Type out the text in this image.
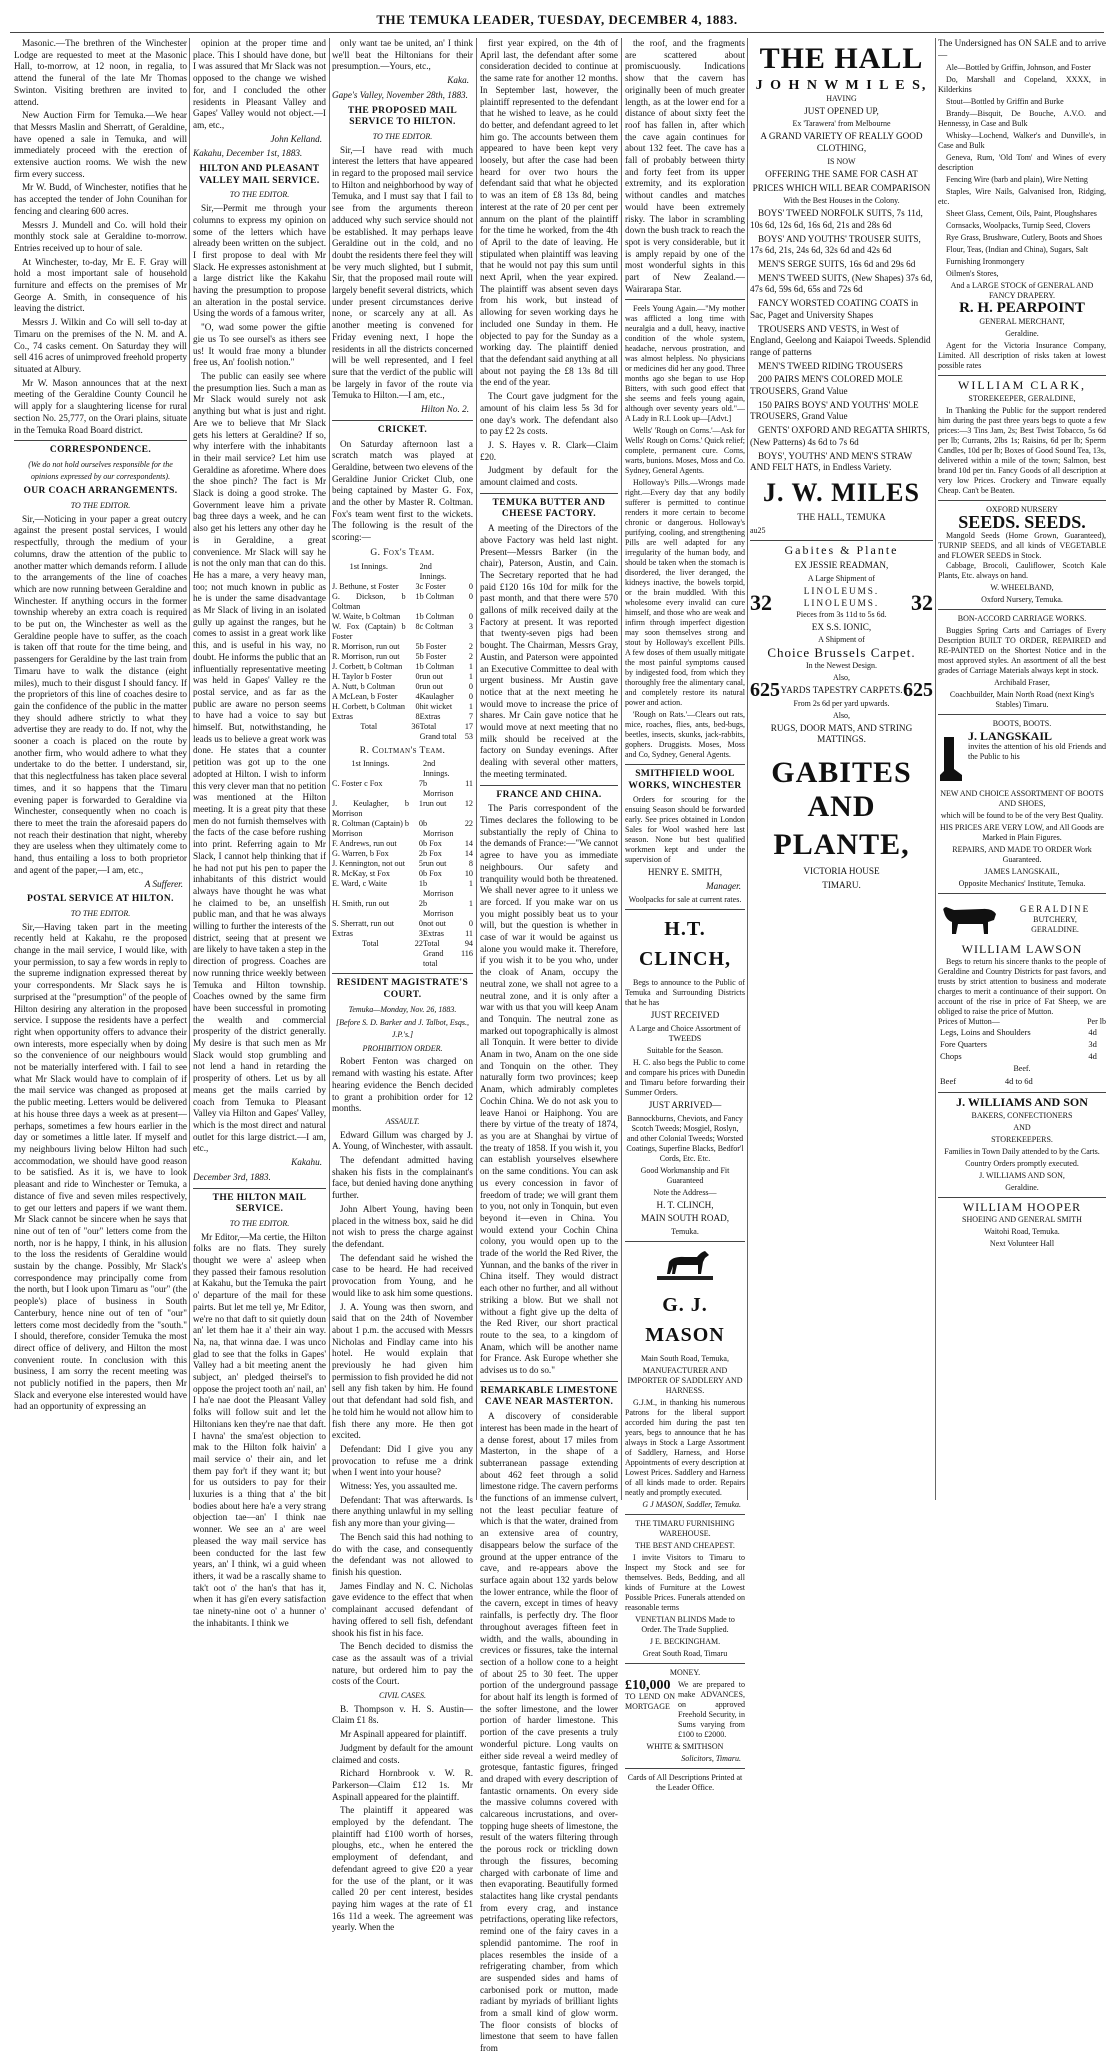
THE TEMUKA LEADER, TUESDAY, DECEMBER 4, 1883.

Masonic.—The brethren of the Winchester Lodge are requested to meet at the Masonic Hall, to-morrow, at 12 noon, in regalia, to attend the funeral of the late Mr Thomas Swinton. Visiting brethren are invited to attend.

New Auction Firm for Temuka.—We hear that Messrs Maslin and Sherratt, of Geraldine, have opened a sale in Temuka, and will immediately proceed with the erection of extensive auction rooms. We wish the new firm every success.

Mr W. Budd, of Winchester, notifies that he has accepted the tender of John Counihan for fencing and clearing 600 acres.

Messrs J. Mundell and Co. will hold their monthly stock sale at Geraldine to-morrow. Entries received up to hour of sale.

At Winchester, to-day, Mr E. F. Gray will hold a most important sale of household furniture and effects on the premises of Mr George A. Smith, in consequence of his leaving the district.

Messrs J. Wilkin and Co will sell to-day at Timaru on the premises of the N. M. and A. Co., 74 casks cement. On Saturday they will sell 416 acres of unimproved freehold property situated at Albury.

Mr W. Mason announces that at the next meeting of the Geraldine County Council he will apply for a slaughtering license for rural section No. 25,777, on the Orari plains, situate in the Temuka Road Board district.

CORRESPONDENCE.
(We do not hold ourselves responsible for the opinions expressed by our correspondents).
OUR COACH ARRANGEMENTS.
TO THE EDITOR.

Sir,—Noticing in your paper a great outcry against the present postal services, I would respectfully, through the medium of your columns, draw the attention of the public to another matter which demands reform. I allude to the arrangements of the line of coaches which are now running between Geraldine and Winchester. If anything occurs in the former township whereby an extra coach is required to be put on, the Winchester as well as the Geraldine people have to suffer, as the coach is taken off that route for the time being, and passengers for Geraldine by the last train from Timaru have to walk the distance (eight miles), much to their disgust I should fancy. If the proprietors of this line of coaches desire to gain the confidence of the public in the matter they should adhere strictly to what they advertise they are ready to do. If not, why the sooner a coach is placed on the route by another firm, who would adhere to what they undertake to do the better. I understand, sir, that this neglectfulness has taken place several times, and it so happens that the Timaru evening paper is forwarded to Geraldine via Winchester, consequently when no coach is there to meet the train the aforesaid papers do not reach their destination that night, whereby they are useless when they ultimately come to hand, thus entailing a loss to both proprietor and agent of the paper,—I am, etc.,

A Sufferer.
POSTAL SERVICE AT HILTON.
TO THE EDITOR.

Sir,—Having taken part in the meeting recently held at Kakahu, re the proposed change in the mail service, I would like, with your permission, to say a few words in reply to the supreme indignation expressed thereat by your correspondents. Mr Slack says he is surprised at the "presumption" of the people of Hilton desiring any alteration in the proposed service. I suppose the residents have a perfect right when opportunity offers to advance their own interests, more especially when by doing so the convenience of our neighbours would not be materially interfered with. I fail to see what Mr Slack would have to complain of if the mail service was changed as proposed at the public meeting. Letters would be delivered at his house three days a week as at present—perhaps, sometimes a few hours earlier in the day or sometimes a little later. If myself and my neighbours living below Hilton had such accommodation, we should have good reason to be satisfied. As it is, we have to look pleasant and ride to Winchester or Temuka, a distance of five and seven miles respectively, to get our letters and papers if we want them. Mr Slack cannot be sincere when he says that nine out of ten of "our" letters come from the north, nor is he happy, I think, in his allusion to the loss the residents of Geraldine would sustain by the change. Possibly, Mr Slack's correspondence may principally come from the north, but I look upon Timaru as "our" (the people's) place of business in South Canterbury, hence nine out of ten of "our" letters come most decidedly from the "south." I should, therefore, consider Temuka the most direct office of delivery, and Hilton the most convenient route. In conclusion with this business, I am sorry the recent meeting was not publicly notified in the papers, then Mr Slack and everyone else interested would have had an opportunity of expressing an

opinion at the proper time and place. This I should have done, but I was assured that Mr Slack was not opposed to the change we wished for, and I concluded the other residents in Pleasant Valley and Gapes' Valley would not object.—I am, etc.,

John Kelland.
Kakahu, December 1st, 1883.
HILTON AND PLEASANT VALLEY MAIL SERVICE.
TO THE EDITOR.

Sir,—Permit me through your columns to express my opinion on some of the letters which have already been written on the subject. I first propose to deal with Mr Slack. He expresses astonishment at a large district like the Kakahu having the presumption to propose an alteration in the postal service. Using the words of a famous writer,

"O, wad some power the giftie gie us To see oursel's as ithers see us! It would frae mony a blunder free us, An' foolish notion."

The public can easily see where the presumption lies. Such a man as Mr Slack would surely not ask anything but what is just and right. Are we to believe that Mr Slack gets his letters at Geraldine? If so, why interfere with the inhabitants in their mail service? Let him use Geraldine as aforetime. Where does the shoe pinch? The fact is Mr Slack is doing a good stroke. The Government leave him a private bag three days a week, and he can also get his letters any other day he is in Geraldine, a great convenience. Mr Slack will say he is not the only man that can do this. He has a mare, a very heavy man, too; not much known in public as he is under the same disadvantage as Mr Slack of living in an isolated gully up against the ranges, but he comes to assist in a great work like this, and is useful in his way, no doubt. He informs the public that an influentially representative meeting was held in Gapes' Valley re the postal service, and as far as the public are aware no person seems to have had a voice to say but himself. But, notwithstanding, he leads us to believe a great work was done. He states that a counter petition was got up to the one adopted at Hilton. I wish to inform this very clever man that no petition was mentioned at the Hilton meeting. It is a great pity that these men do not furnish themselves with the facts of the case before rushing into print. Referring again to Mr Slack, I cannot help thinking that if he had not put his pen to paper the inhabitants of this district would always have thought he was what he claimed to be, an unselfish public man, and that he was always willing to further the interests of the district, seeing that at present we are likely to have taken a step in the direction of progress. Coaches are now running thrice weekly between Temuka and Hilton township. Coaches owned by the same firm have been successful in promoting the wealth and commercial prosperity of the district generally. My desire is that such men as Mr Slack would stop grumbling and not lend a hand in retarding the prosperity of others. Let us by all means get the mails carried by coach from Temuka to Pleasant Valley via Hilton and Gapes' Valley, which is the most direct and natural outlet for this large district.—I am, etc.,

Kakahu.
December 3rd, 1883.
THE HILTON MAIL SERVICE.
TO THE EDITOR.

Mr Editor,—Ma certie, the Hilton folks are no flats. They surely thought we were a' asleep when they passed their famous resolution at Kakahu, but the Temuka the pairt o' departure of the mail for these pairts. But let me tell ye, Mr Editor, we're no that daft to sit quietly doun an' let them hae it a' their ain way. Na, na, that winna dae. I was unco glad to see that the folks in Gapes' Valley had a bit meeting anent the subject, an' pledged theirsel's to oppose the project tooth an' nail, an' I ha'e nae doot the Pleasant Valley folks will follow suit and let the Hiltonians ken they're nae that daft. I havna' the sma'est objection to mak to the Hilton folk haivin' a mail service o' their ain, and let them pay for't if they want it; but for us outsiders to pay for their luxuries is a thing that a' the bit bodies about here ha'e a very strang objection tae—an' I think nae wonner. We see an a' are weel pleased the way mail service has been conducted for the last few years, an' I think, wi a guid wheen ithers, it wad be a rascally shame to tak't oot o' the han's that has it, when it has gi'en every satisfaction tae ninety-nine oot o' a hunner o' the inhabitants. I think we

only want tae be united, an' I think we'll beat the Hiltonians for their presumption.—Yours, etc.,

Kaka.
Gape's Valley, November 28th, 1883.
THE PROPOSED MAIL SERVICE TO HILTON.
TO THE EDITOR.

Sir,—I have read with much interest the letters that have appeared in regard to the proposed mail service to Hilton and neighborhood by way of Temuka, and I must say that I fail to see from the arguments thereon adduced why such service should not be established. It may perhaps leave Geraldine out in the cold, and no doubt the residents there feel they will be very much slighted, but I submit, Sir, that the proposed mail route will largely benefit several districts, which under present circumstances derive none, or scarcely any at all. As another meeting is convened for Friday evening next, I hope the residents in all the districts concerned will be well represented, and I feel sure that the verdict of the public will be largely in favor of the route via Temuka to Hilton.—I am, etc.,

Hilton No. 2.
CRICKET.

On Saturday afternoon last a scratch match was played at Geraldine, between two elevens of the Geraldine Junior Cricket Club, one being captained by Master G. Fox, and the other by Master R. Coltman. Fox's team went first to the wickets. The following is the result of the scoring:—

G. Fox's Team.
1st Innings.		2nd Innings.	
J. Bethune, st Foster	3	c Foster	0
G. Dickson, b Coltman	1	b Coltman	0
W. Waite, b Coltman	1	b Coltman	0
W. Fox (Captain) b Foster	8	c Coltman	3
R. Morrison, run out	5	b Foster	2
R. Morrison, run out	5	b Foster	2
J. Corbett, b Coltman	1	b Coltman	1
H. Taylor b Foster	0	run out	1
A. Nutt, b Coltman	0	run out	0
A McLean, b Foster	4	Kaulagher	0
H. Corbett, b Coltman	0	hit wicket	1
Extras	8	Extras	7
Total	36	Total	17
		Grand total	53
R. Coltman's Team.
1st Innings.		2nd Innings.	
C. Foster c Fox	7	b Morrison	11
J. Keulagher, b Morrison	1	run out	12
R. Coltman (Captain) b Morrison	0	b Morrison	22
F. Andrews, run out	0	b Fox	14
G. Warren, b Fox	2	b Fox	14
J. Kennington, not out	5	run out	8
R. McKay, st Fox	0	b Fox	10
E. Ward, c Waite	1	b Morrison	1
H. Smith, run out	2	b Morrison	1
S. Sherratt, run out	0	not out	0
Extras	3	Extras	11
Total	22	Total	94
		Grand total	116
RESIDENT MAGISTRATE'S COURT.
Temuka—Monday, Nov. 26, 1883.
[Before S. D. Barker and J. Talbot, Esqs., J.P.'s.]
PROHIBITION ORDER.

Robert Fenton was charged on remand with wasting his estate. After hearing evidence the Bench decided to grant a prohibition order for 12 months.

ASSAULT.

Edward Gillum was charged by J. A. Young, of Winchester, with assault.

The defendant admitted having shaken his fists in the complainant's face, but denied having done anything further.

John Albert Young, having been placed in the witness box, said he did not wish to press the charge against the defendant.

The defendant said he wished the case to be heard. He had received provocation from Young, and he would like to ask him some questions.

J. A. Young was then sworn, and said that on the 24th of November about 1 p.m. the accused with Messrs Nicholas and Findlay came into his hotel. He would explain that previously he had given him permission to fish provided he did not sell any fish taken by him. He found out that defendant had sold fish, and he told him he would not allow him to fish there any more. He then got excited.

Defendant: Did I give you any provocation to refuse me a drink when I went into your house?

Witness: Yes, you assaulted me.

Defendant: That was afterwards. Is there anything unlawful in my selling fish any more than your giving—

The Bench said this had nothing to do with the case, and consequently the defendant was not allowed to finish his question.

James Findlay and N. C. Nicholas gave evidence to the effect that when complainant accused defendant of having offered to sell fish, defendant shook his fist in his face.

The Bench decided to dismiss the case as the assault was of a trivial nature, but ordered him to pay the costs of the Court.

CIVIL CASES.

B. Thompson v. H. S. Austin—Claim £1 8s.

Mr Aspinall appeared for plaintiff.

Judgment by default for the amount claimed and costs.

Richard Hornbrook v. W. R. Parkerson—Claim £12 1s. Mr Aspinall appeared for the plaintiff.

The plaintiff it appeared was employed by the defendant. The plaintiff had £100 worth of horses, ploughs, etc., when he entered the employment of defendant, and defendant agreed to give £20 a year for the use of the plant, or it was called 20 per cent interest, besides paying him wages at the rate of £1 16s 11d a week. The agreement was yearly. When the

first year expired, on the 4th of April last, the defendant after some consideration decided to continue at the same rate for another 12 months. In September last, however, the plaintiff represented to the defendant that he wished to leave, as he could do better, and defendant agreed to let him go. The accounts between them appeared to have been kept very loosely, but after the case had been heard for over two hours the defendant said that what he objected to was an item of £8 13s 8d, being interest at the rate of 20 per cent per annum on the plant of the plaintiff for the time he worked, from the 4th of April to the date of leaving. He stipulated when plaintiff was leaving that he would not pay this sum until next April, when the year expired. The plaintiff was absent seven days from his work, but instead of allowing for seven working days he included one Sunday in them. He objected to pay for the Sunday as a working day. The plaintiff denied that the defendant said anything at all about not paying the £8 13s 8d till the end of the year.

The Court gave judgment for the amount of his claim less 5s 3d for one day's work. The defendant also to pay £2 2s costs.

J. S. Hayes v. R. Clark—Claim £20.

Judgment by default for the amount claimed and costs.

TEMUKA BUTTER AND CHEESE FACTORY.

A meeting of the Directors of the above Factory was held last night. Present—Messrs Barker (in the chair), Paterson, Austin, and Cain. The Secretary reported that he had paid £120 16s 10d for milk for the past month, and that there were 570 gallons of milk received daily at the Factory at present. It was reported that twenty-seven pigs had been bought. The Chairman, Messrs Gray, Austin, and Paterson were appointed an Executive Committee to deal with urgent business. Mr Austin gave notice that at the next meeting he would move to increase the price of shares. Mr Cain gave notice that he would move at next meeting that no milk should be received at the factory on Sunday evenings. After dealing with several other matters, the meeting terminated.

FRANCE AND CHINA.

The Paris correspondent of the Times declares the following to be substantially the reply of China to the demands of France:—"We cannot agree to have you as immediate neighbours. Our safety and tranquility would both be threatened. We shall never agree to it unless we are forced. If you make war on us you might possibly beat us to your will, but the question is whether in case of war it would be against us alone you would make it. Therefore, if you wish it to be you who, under the cloak of Anam, occupy the neutral zone, we shall not agree to a neutral zone, and it is only after a war with us that you will keep Anam and Tonquin. The neutral zone as marked out topographically is almost all Tonquin. It were better to divide Anam in two, Anam on the one side and Tonquin on the other. They naturally form two provinces; keep Anam, which admirably completes Cochin China. We do not ask you to leave Hanoi or Haiphong. You are there by virtue of the treaty of 1874, as you are at Shanghai by virtue of the treaty of 1858. If you wish it, you can establish yourselves elsewhere on the same conditions. You can ask us every concession in favor of freedom of trade; we will grant them to you, not only in Tonquin, but even beyond it—even in China. You would extend your Cochin China colony, you would open up to the trade of the world the Red River, the Yunnan, and the banks of the river in China itself. They would distract each other no further, and all without striking a blow. But we shall not without a fight give up the delta of the Red River, our short practical route to the sea, to a kingdom of Anam, which will be another name for France. Ask Europe whether she advises us to do so."

REMARKABLE LIMESTONE CAVE NEAR MASTERTON.

A discovery of considerable interest has been made in the heart of a dense forest, about 17 miles from Masterton, in the shape of a subterranean passage extending about 462 feet through a solid limestone ridge. The cavern performs the functions of an immense culvert, not the least peculiar feature of which is that the water, drained from an extensive area of country, disappears below the surface of the ground at the upper entrance of the cave, and re-appears above the surface again about 132 yards below the lower entrance, while the floor of the cavern, except in times of heavy rainfalls, is perfectly dry. The floor throughout averages fifteen feet in width, and the walls, abounding in crevices or fissures, take the internal section of a hollow cone to a height of about 25 to 30 feet. The upper portion of the underground passage for about half its length is formed of the softer limestone, and the lower portion of harder limestone. This portion of the cave presents a truly wonderful picture. Long vaults on either side reveal a weird medley of grotesque, fantastic figures, fringed and draped with every description of fantastic ornaments. On every side the massive columns covered with calcareous incrustations, and over-topping huge sheets of limestone, the result of the waters filtering through the porous rock or trickling down through the fissures, becoming charged with carbonate of lime and then evaporating. Beautifully formed stalactites hang like crystal pendants from every crag, and instance petrifactions, operating like refectors, remind one of the fairy caves in a splendid pantomime. The roof in places resembles the inside of a refrigerating chamber, from which are suspended sides and hams of carbonised pork or mutton, made radiant by myriads of brilliant lights from a small kind of glow worm. The floor consists of blocks of limestone that seem to have fallen from

the roof, and the fragments are scattered about promiscuously. Indications show that the cavern has originally been of much greater length, as at the lower end for a distance of about sixty feet the roof has fallen in, after which the cave again continues for about 132 feet. The cave has a fall of probably between thirty and forty feet from its upper extremity, and its exploration without candles and matches would have been extremely risky. The labor in scrambling down the bush track to reach the spot is very considerable, but it is amply repaid by one of the most wonderful sights in this part of New Zealand.—Wairarapa Star.

Feels Young Again.—"My mother was afflicted a long time with neuralgia and a dull, heavy, inactive condition of the whole system, headache, nervous prostration, and was almost helpless. No physicians or medicines did her any good. Three months ago she began to use Hop Bitters, with such good effect that she seems and feels young again, although over seventy years old."—A Lady in R.I. Look up—[Advt.]

Wells' 'Rough on Corns.'—Ask for Wells' Rough on Corns.' Quick relief; complete, permanent cure. Corns, warts, bunions. Moses, Moss and Co. Sydney, General Agents.

Holloway's Pills.—Wrongs made right.—Every day that any bodily sufferer is permitted to continue renders it more certain to become chronic or dangerous. Holloway's purifying, cooling, and strengthening Pills are well adapted for any irregularity of the human body, and should be taken when the stomach is disordered, the liver deranged, the kidneys inactive, the bowels torpid, or the brain muddled. With this wholesome every invalid can cure himself, and those who are weak and infirm through imperfect digestion may soon themselves strong and stout by Holloway's excellent Pills. A few doses of them usually mitigate the most painful symptoms caused by indigested food, from which they thoroughly free the alimentary canal, and completely restore its natural power and action.

'Rough on Rats.'—Clears out rats, mice, roaches, flies, ants, bed-bugs, beetles, insects, skunks, jack-rabbits, gophers. Druggists. Moses, Moss and Co, Sydney, General Agents.

SMITHFIELD WOOL WORKS, WINCHESTER

Orders for scouring for the ensuing Season should be forwarded early. See prices obtained in London Sales for Wool washed here last season. None but best qualified workmen kept and under the supervision of

HENRY E. SMITH,
Manager.
Woolpacks for sale at current rates.
H.T. CLINCH,

Begs to announce to the Public of Temuka and Surrounding Districts that he has

JUST RECEIVED
A Large and Choice Assortment of TWEEDS
Suitable for the Season.

H. C. also begs the Public to come and compare his prices with Dunedin and Timaru before forwarding their Summer Orders.

JUST ARRIVED—
Bannockburns, Cheviots, and Fancy Scotch Tweeds; Mosgiel, Roslyn, and other Colonial Tweeds; Worsted Coatings, Superfine Blacks, Bedfor'l Cords, Etc. Etc.
Good Workmanship and Fit Guaranteed
Note the Address—
H. T. CLINCH,
MAIN SOUTH ROAD,
Temuka.
G. J. MASON
Main South Road, Temuka,
MANUFACTURER AND IMPORTER OF SADDLERY AND HARNESS.

G.J.M., in thanking his numerous Patrons for the liberal support accorded him during the past ten years, begs to announce that he has always in Stock a Large Assortment of Saddlery, Harness, and Horse Appointments of every description at Lowest Prices. Saddlery and Harness of all kinds made to order. Repairs neatly and promptly executed.

G J MASON, Saddler, Temuka.
THE TIMARU FURNISHING WAREHOUSE.
THE BEST AND CHEAPEST.

I invite Visitors to Timaru to Inspect my Stock and see for themselves. Beds, Bedding, and all kinds of Furniture at the Lowest Possible Prices. Funerals attended on reasonable terms

VENETIAN BLINDS Made to Order. The Trade Supplied.
J E. BECKINGHAM.
Great South Road, Timaru
MONEY.
£10,000
TO LEND ON MORTGAGE
We are prepared to make ADVANCES, on approved Freehold Security, in Sums varying from £100 to £2000.
WHITE & SMITHSON
Solicitors, Timaru.
Cards of All Descriptions Printed at the Leader Office.
THE HALL
J O H N W M I L E S,
HAVING
JUST OPENED UP,
Ex 'Tarawera' from Melbourne
A GRAND VARIETY OF REALLY GOOD CLOTHING,
IS NOW
OFFERING THE SAME FOR CASH AT
PRICES WHICH WILL BEAR COMPARISON
With the Best Houses in the Colony.

BOYS' TWEED NORFOLK SUITS, 7s 11d, 10s 6d, 12s 6d, 16s 6d, 21s and 28s 6d

BOYS' AND YOUTHS' TROUSER SUITS, 17s 6d, 21s, 24s 6d, 32s 6d and 42s 6d

MEN'S SERGE SUITS, 16s 6d and 29s 6d

MEN'S TWEED SUITS, (New Shapes) 37s 6d, 47s 6d, 59s 6d, 65s and 72s 6d

FANCY WORSTED COATING COATS in Sac, Paget and University Shapes

TROUSERS AND VESTS, in West of England, Geelong and Kaiapoi Tweeds. Splendid range of patterns

MEN'S TWEED RIDING TROUSERS

200 PAIRS MEN'S COLORED MOLE TROUSERS, Grand Value

150 PAIRS BOYS' AND YOUTHS' MOLE TROUSERS, Grand Value

GENTS' OXFORD AND REGATTA SHIRTS, (New Patterns) 4s 6d to 7s 6d

BOYS', YOUTHS' AND MEN'S STRAW AND FELT HATS, in Endless Variety.

J. W. MILES
THE HALL, TEMUKA
au25
Gabites & Plante
EX JESSIE READMAN,
A Large Shipment of
32	LINOLEUMS. LINOLEUMS.
Pieces from 3s 11d to 5s 6d.	32
EX S.S. IONIC,
A Shipment of
Choice Brussels Carpet.
In the Newest Design.
Also,
625 YARDS TAPESTRY CARPETS. 625
From 2s 6d per yard upwards.
Also,
RUGS, DOOR MATS, AND STRING MATTINGS.
GABITES AND
PLANTE,
VICTORIA HOUSE
TIMARU.

The Undersigned has ON SALE and to arrive—

Ale—Bottled by Griffin, Johnson, and Foster

Do, Marshall and Copeland, XXXX, in Kilderkins

Stout—Bottled by Griffin and Burke

Brandy—Bisquit, De Bouche, A.V.O. and Hennessy, in Case and Bulk

Whisky—Lochend, Walker's and Dunville's, in Case and Bulk

Geneva, Rum, 'Old Tom' and Wines of every description

Fencing Wire (barb and plain), Wire Netting

Staples, Wire Nails, Galvanised Iron, Ridging, etc.

Sheet Glass, Cement, Oils, Paint, Ploughshares

Cornsacks, Woolpacks, Turnip Seed, Clovers

Rye Grass, Brushware, Cutlery, Boots and Shoes

Flour, Teas, (Indian and China), Sugars, Salt

Furnishing Ironmongery

Oilmen's Stores,

And a LARGE STOCK of GENERAL AND FANCY DRAPERY.
R. H. PEARPOINT
GENERAL MERCHANT,
Geraldine.

Agent for the Victoria Insurance Company, Limited. All description of risks taken at lowest possible rates

WILLIAM CLARK,
STOREKEEPER, GERALDINE,

In Thanking the Public for the support rendered him during the past three years begs to quote a few prices:—3 Tins Jam, 2s; Best Twist Tobacco, 5s 6d per lb; Currants, 2lbs 1s; Raisins, 6d per lb; Sperm Candles, 10d per lb; Boxes of Good Sound Tea, 13s, delivered within a mile of the town; Salmon, best brand 10d per tin. Fancy Goods of all description at very low Prices. Crockery and Tinware equally Cheap. Can't be Beaten.

OXFORD NURSERY
SEEDS. SEEDS.

Mangold Seeds (Home Grown, Guaranteed), TURNIP SEEDS, and all kinds of VEGETABLE and FLOWER SEEDS in Stock.

Cabbage, Brocoli, Cauliflower, Scotch Kale Plants, Etc. always on hand.

W. WHEELBAND,
Oxford Nursery, Temuka.
BON-ACCORD CARRIAGE WORKS.

Buggies Spring Carts and Carriages of Every Description BUILT TO ORDER, REPAIRED and RE-PAINTED on the Shortest Notice and in the most approved styles. An assortment of all the best grades of Carriage Materials always kept in stock.

Archibald Fraser,
Coachbuilder, Main North Road (next King's Stables) Timaru.
BOOTS, BOOTS.
J. LANGSKAIL
invites the attention of his old Friends and the Public to his
NEW AND CHOICE ASSORTMENT OF BOOTS AND SHOES,
which will be found to be of the very Best Quality.
HIS PRICES ARE VERY LOW, and All Goods are Marked in Plain Figures.
REPAIRS, AND MADE TO ORDER Work Guaranteed.
JAMES LANGSKAIL,
Opposite Mechanics' Institute, Temuka.
GERALDINE
BUTCHERY,
GERALDINE.
WILLIAM LAWSON

Begs to return his sincere thanks to the people of Geraldine and Country Districts for past favors, and trusts by strict attention to business and moderate charges to merit a continuance of their support. On account of the rise in price of Fat Sheep, we are obliged to raise the price of Mutton.

Prices of Mutton—	Per lb
Legs, Loins and Shoulders	4d
Fore Quarters	3d
Chops	4d
Beef.
Beef	4d to 6d
J. WILLIAMS AND SON
BAKERS, CONFECTIONERS
AND
STOREKEEPERS.
Families in Town Daily attended to by the Carts.
Country Orders promptly executed.
J. WILLIAMS AND SON,
Geraldine.
WILLIAM HOOPER
SHOEING AND GENERAL SMITH
Waitohi Road, Temuka.
Next Volunteer Hall
